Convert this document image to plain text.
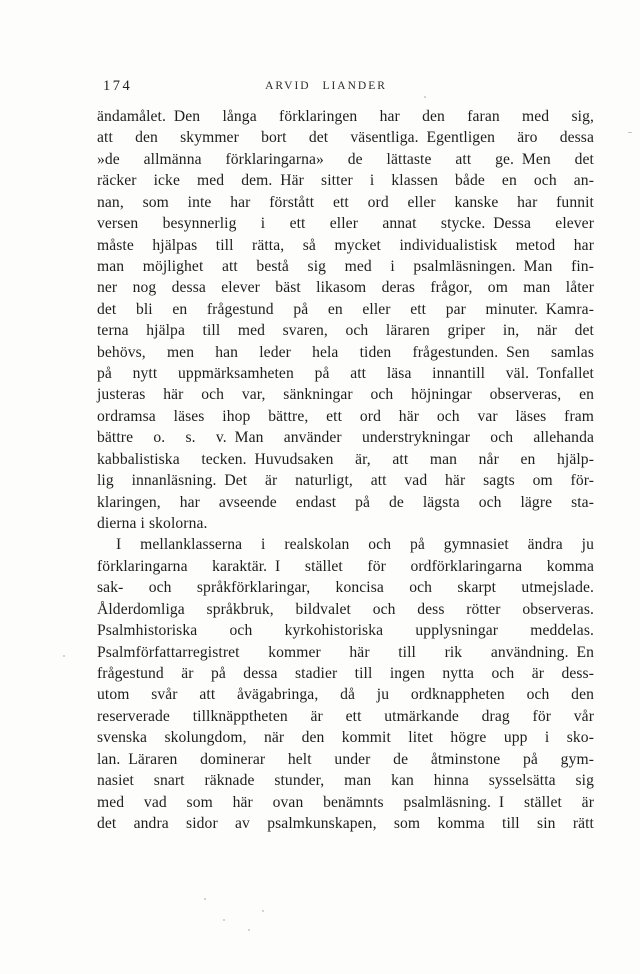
174	ARVID LIANDER
ändamålet. Den långa förklaringen har den faran med sig,
att den skymmer bort det väsentliga. Egentligen äro dessa
»de allmänna förklaringarna» de lättaste att ge. Men det
räcker icke med dem. Här sitter i klassen både en och an-
nan, som inte har förstått ett ord eller kanske har funnit
versen besynnerlig i ett eller annat stycke. Dessa elever
måste hjälpas till rätta, så mycket individualistisk metod har
man möjlighet att bestå sig med i psalmläsningen. Man fin-
ner nog dessa elever bäst likasom deras frågor, om man låter
det bli en frågestund på en eller ett par minuter. Kamra-
terna hjälpa till med svaren, och läraren griper in, när det
behövs, men han leder hela tiden frågestunden. Sen samlas
på nytt uppmärksamheten på att läsa innantill väl. Tonfallet
justeras här och var, sänkningar och höjningar observeras, en
ordramsa läses ihop bättre, ett ord här och var läses fram
bättre o. s. v. Man använder understrykningar och allehanda
kabbalistiska tecken. Huvudsaken är, att man når en hjälp-
lig innanläsning. Det är naturligt, att vad här sagts om för-
klaringen, har avseende endast på de lägsta och lägre sta-
dierna i skolorna.
I mellanklasserna i realskolan och på gymnasiet ändra ju
förklaringarna karaktär. I stället för ordförklaringarna komma
sak- och språkförklaringar, koncisa och skarpt utmejslade.
Ålderdomliga språkbruk, bildvalet och dess rötter observeras.
Psalmhistoriska och kyrkohistoriska upplysningar meddelas.
Psalmförfattarregistret kommer här till rik användning. En
frågestund är på dessa stadier till ingen nytta och är dess-
utom svår att åvägabringa, då ju ordknappheten och den
reserverade tillknäpptheten är ett utmärkande drag för vår
svenska skolungdom, när den kommit litet högre upp i sko-
lan. Läraren dominerar helt under de åtminstone på gym-
nasiet snart räknade stunder, man kan hinna sysselsätta sig
med vad som här ovan benämnts psalmläsning. I stället är
det andra sidor av psalmkunskapen, som komma till sin rätt
